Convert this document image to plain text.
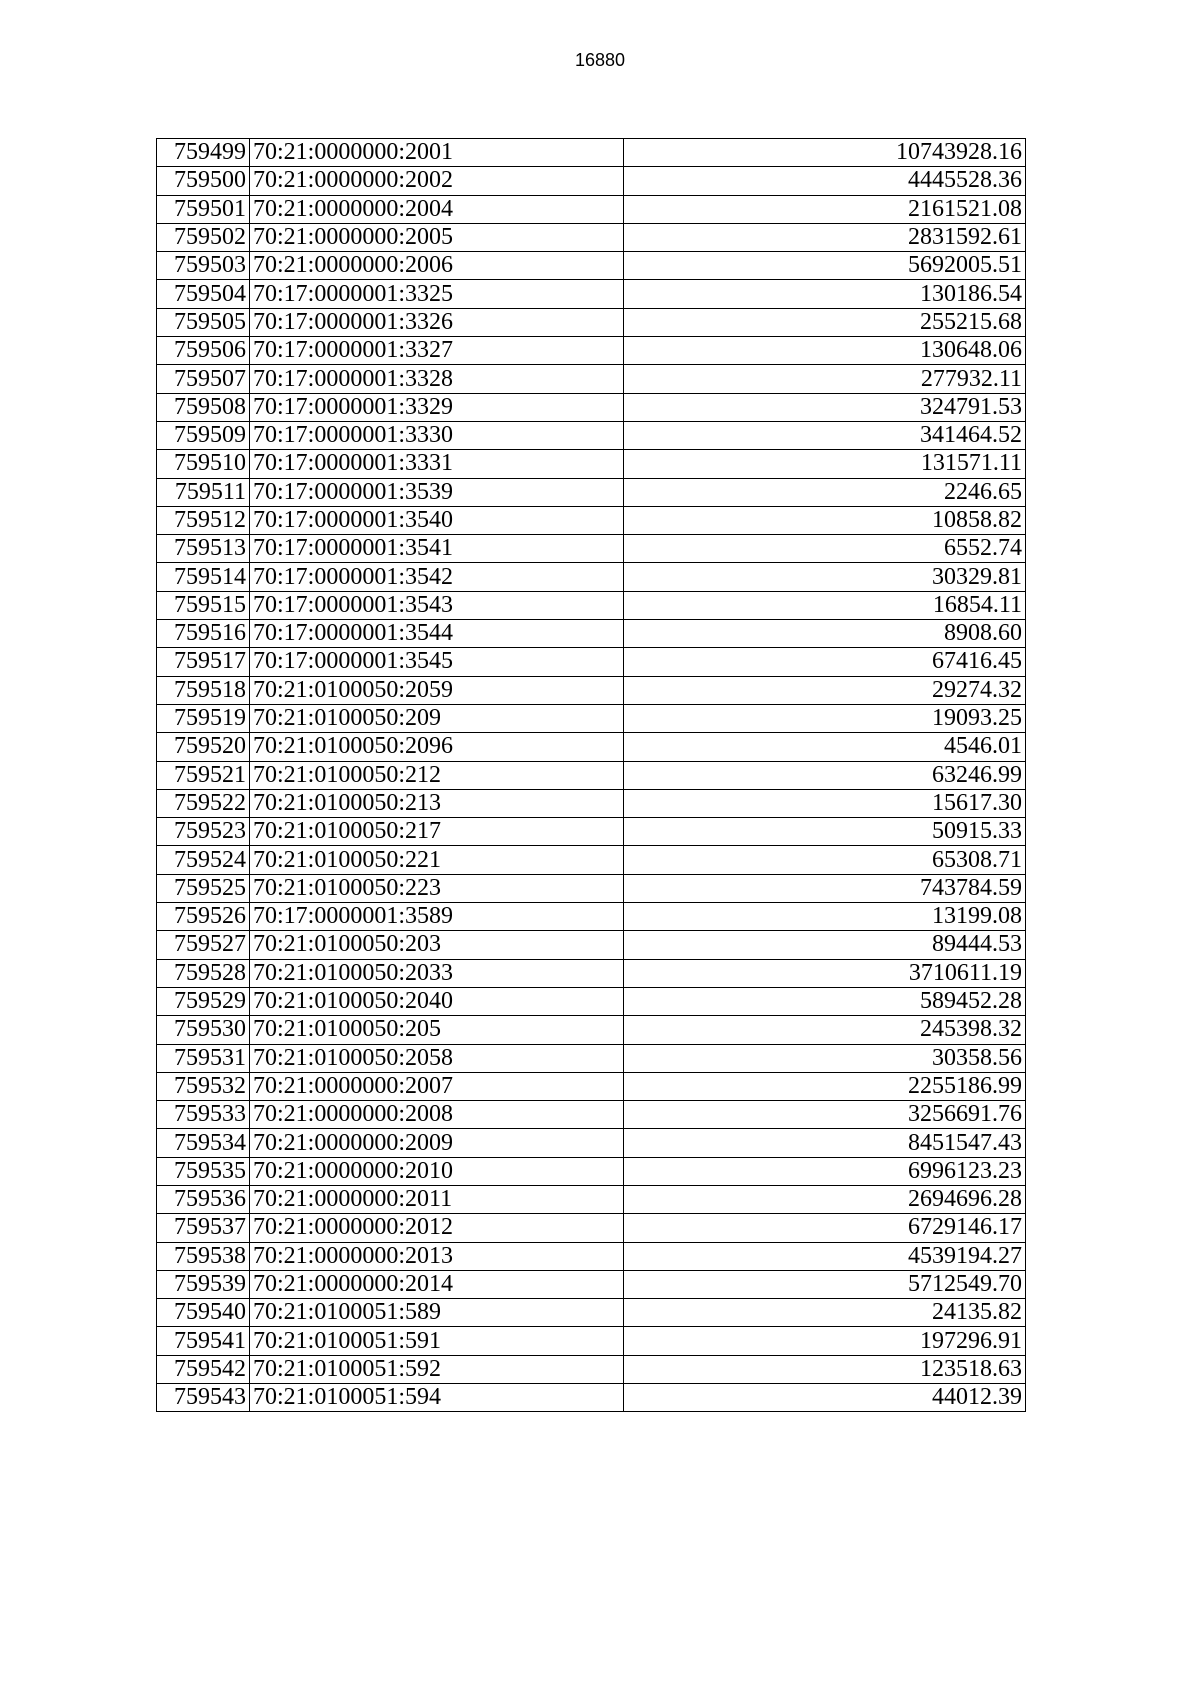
16880
759499	70:21:0000000:2001	10743928.16
759500	70:21:0000000:2002	4445528.36
759501	70:21:0000000:2004	2161521.08
759502	70:21:0000000:2005	2831592.61
759503	70:21:0000000:2006	5692005.51
759504	70:17:0000001:3325	130186.54
759505	70:17:0000001:3326	255215.68
759506	70:17:0000001:3327	130648.06
759507	70:17:0000001:3328	277932.11
759508	70:17:0000001:3329	324791.53
759509	70:17:0000001:3330	341464.52
759510	70:17:0000001:3331	131571.11
759511	70:17:0000001:3539	2246.65
759512	70:17:0000001:3540	10858.82
759513	70:17:0000001:3541	6552.74
759514	70:17:0000001:3542	30329.81
759515	70:17:0000001:3543	16854.11
759516	70:17:0000001:3544	8908.60
759517	70:17:0000001:3545	67416.45
759518	70:21:0100050:2059	29274.32
759519	70:21:0100050:209	19093.25
759520	70:21:0100050:2096	4546.01
759521	70:21:0100050:212	63246.99
759522	70:21:0100050:213	15617.30
759523	70:21:0100050:217	50915.33
759524	70:21:0100050:221	65308.71
759525	70:21:0100050:223	743784.59
759526	70:17:0000001:3589	13199.08
759527	70:21:0100050:203	89444.53
759528	70:21:0100050:2033	3710611.19
759529	70:21:0100050:2040	589452.28
759530	70:21:0100050:205	245398.32
759531	70:21:0100050:2058	30358.56
759532	70:21:0000000:2007	2255186.99
759533	70:21:0000000:2008	3256691.76
759534	70:21:0000000:2009	8451547.43
759535	70:21:0000000:2010	6996123.23
759536	70:21:0000000:2011	2694696.28
759537	70:21:0000000:2012	6729146.17
759538	70:21:0000000:2013	4539194.27
759539	70:21:0000000:2014	5712549.70
759540	70:21:0100051:589	24135.82
759541	70:21:0100051:591	197296.91
759542	70:21:0100051:592	123518.63
759543	70:21:0100051:594	44012.39
